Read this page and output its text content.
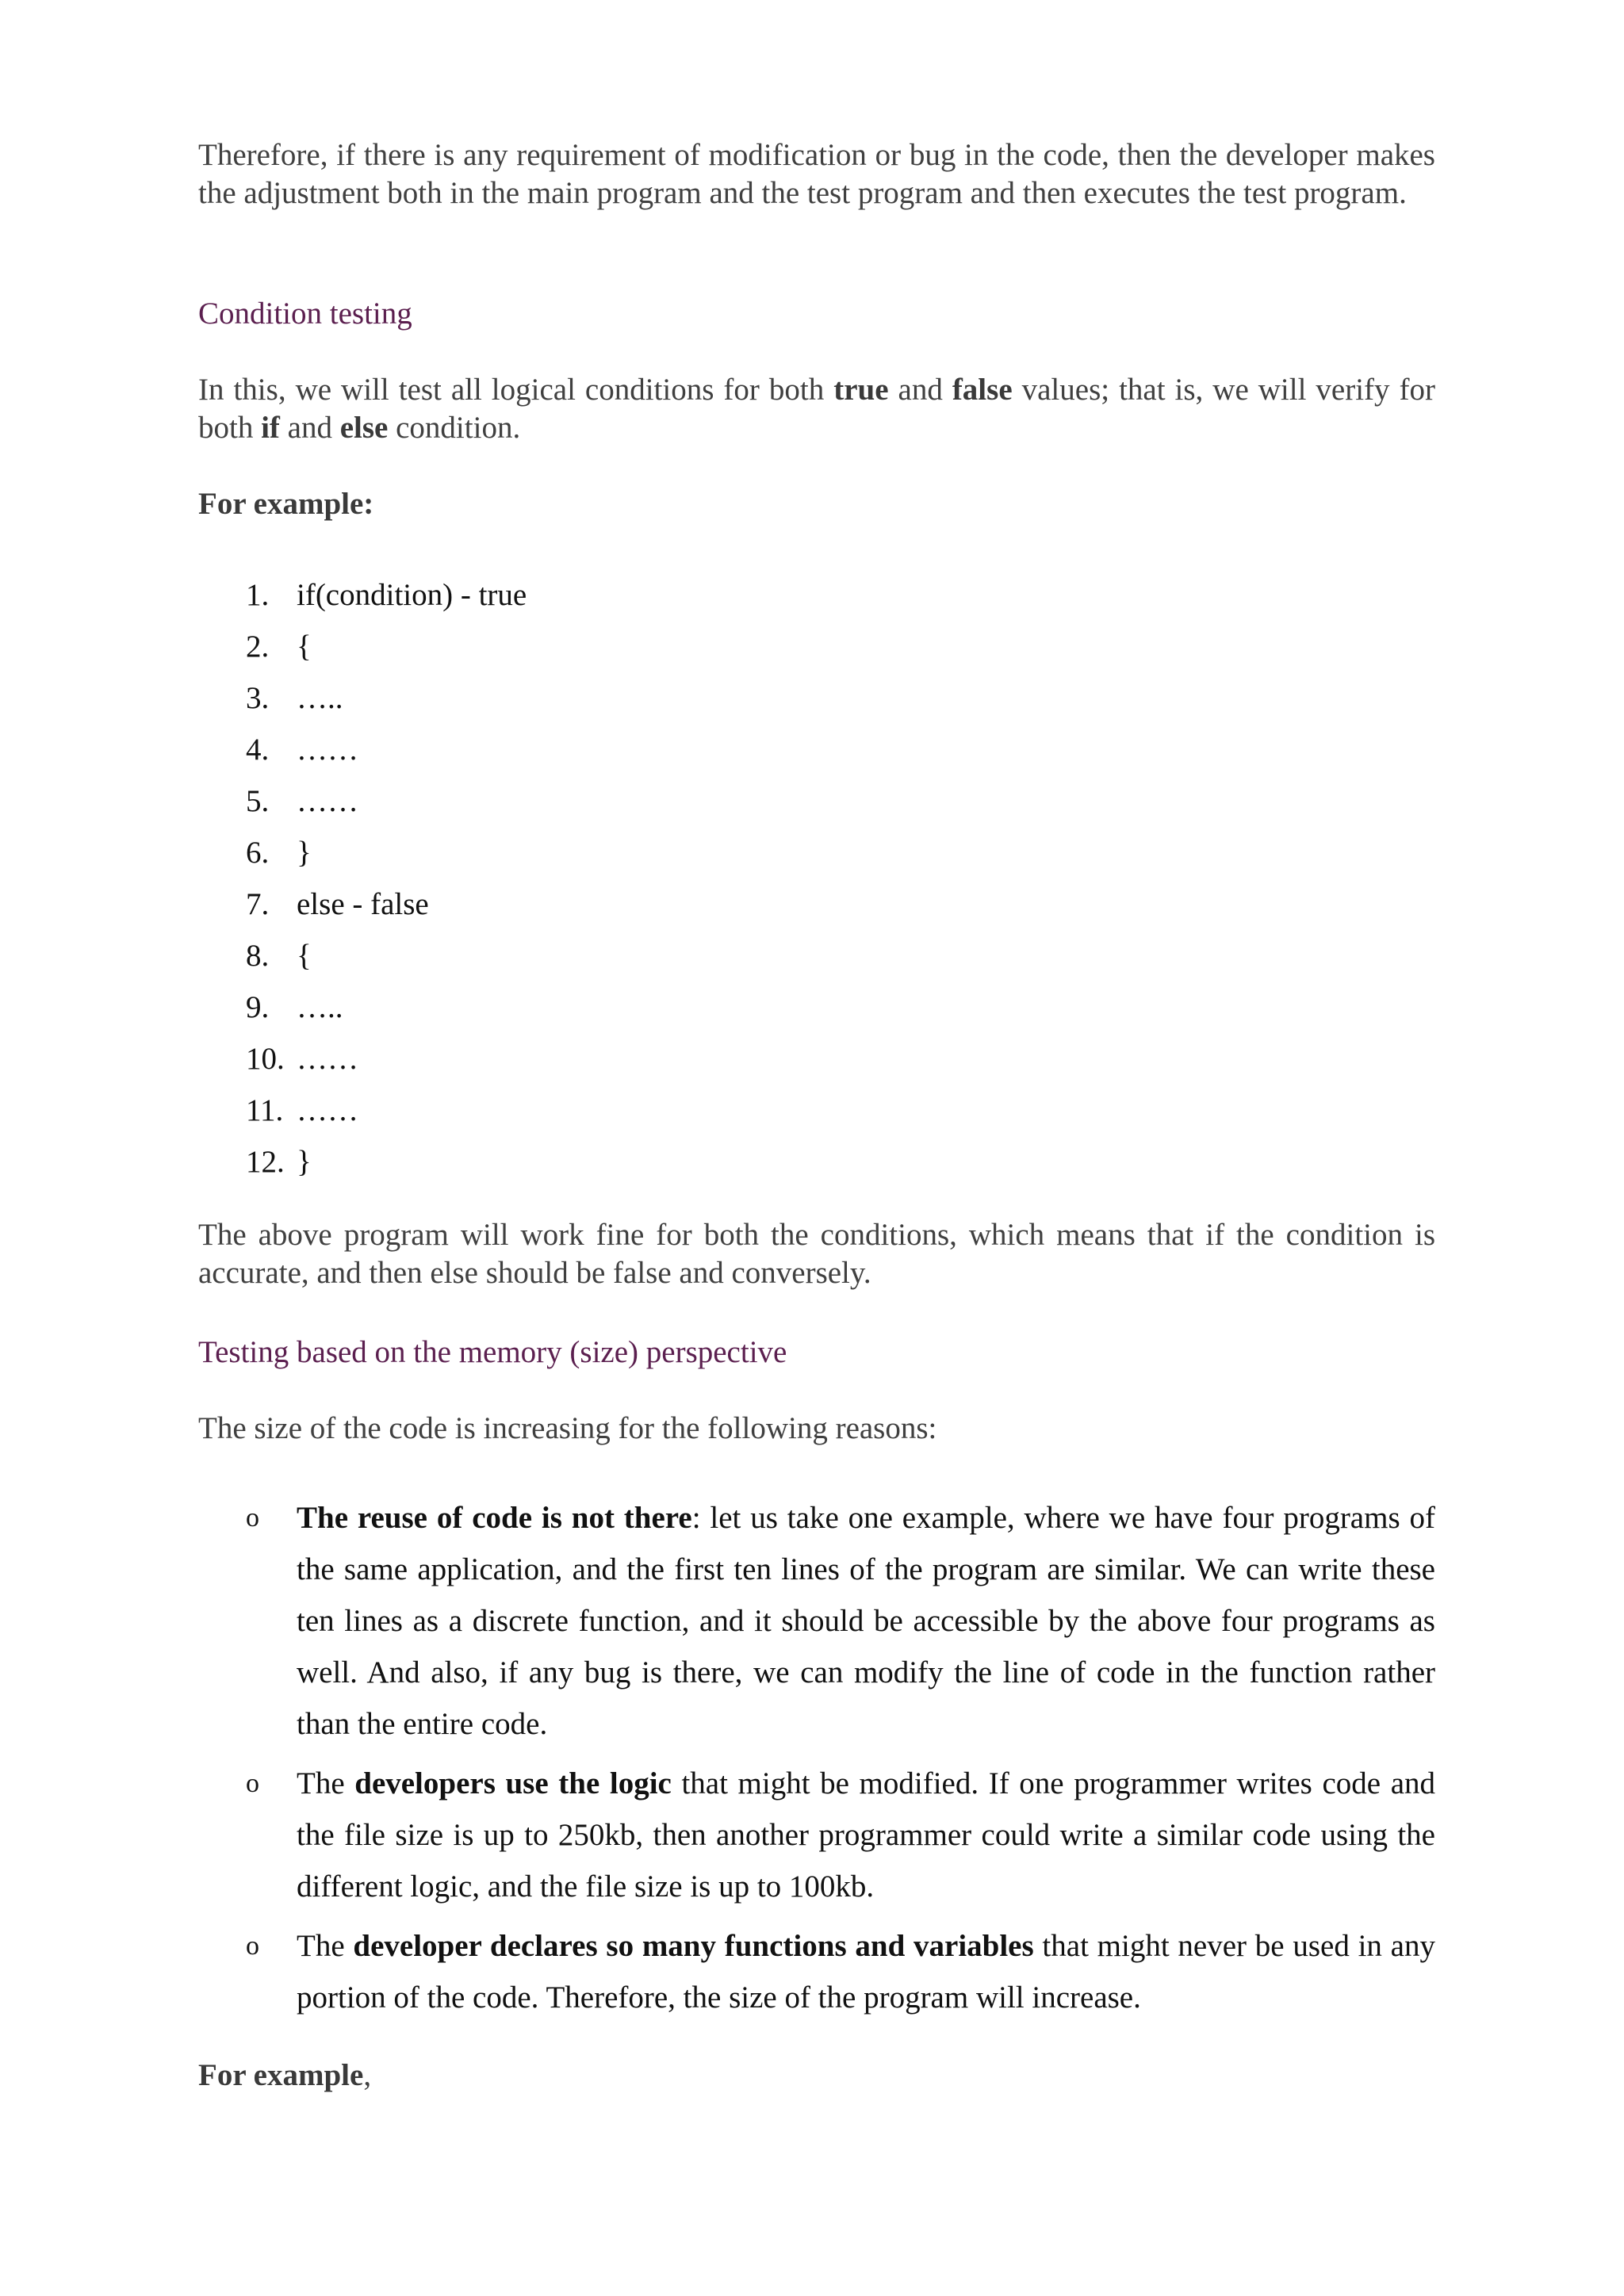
Therefore, if there is any requirement of modification or bug in the code, then the developer makes the adjustment both in the main program and the test program and then executes the test program.

Condition testing

In this, we will test all logical conditions for both true and false values; that is, we will verify for both if and else condition.

For example:

1. if(condition) - true
2. {
3. …..
4. ……
5. ……
6. }
7. else - false
8. {
9. …..
10. ……
11. ……
12. }

The above program will work fine for both the conditions, which means that if the condition is accurate, and then else should be false and conversely.

Testing based on the memory (size) perspective

The size of the code is increasing for the following reasons:

o The reuse of code is not there: let us take one example, where we have four programs of the same application, and the first ten lines of the program are similar. We can write these ten lines as a discrete function, and it should be accessible by the above four programs as well. And also, if any bug is there, we can modify the line of code in the function rather than the entire code.
o The developers use the logic that might be modified. If one programmer writes code and the file size is up to 250kb, then another programmer could write a similar code using the different logic, and the file size is up to 100kb.
o The developer declares so many functions and variables that might never be used in any portion of the code. Therefore, the size of the program will increase.

For example,
